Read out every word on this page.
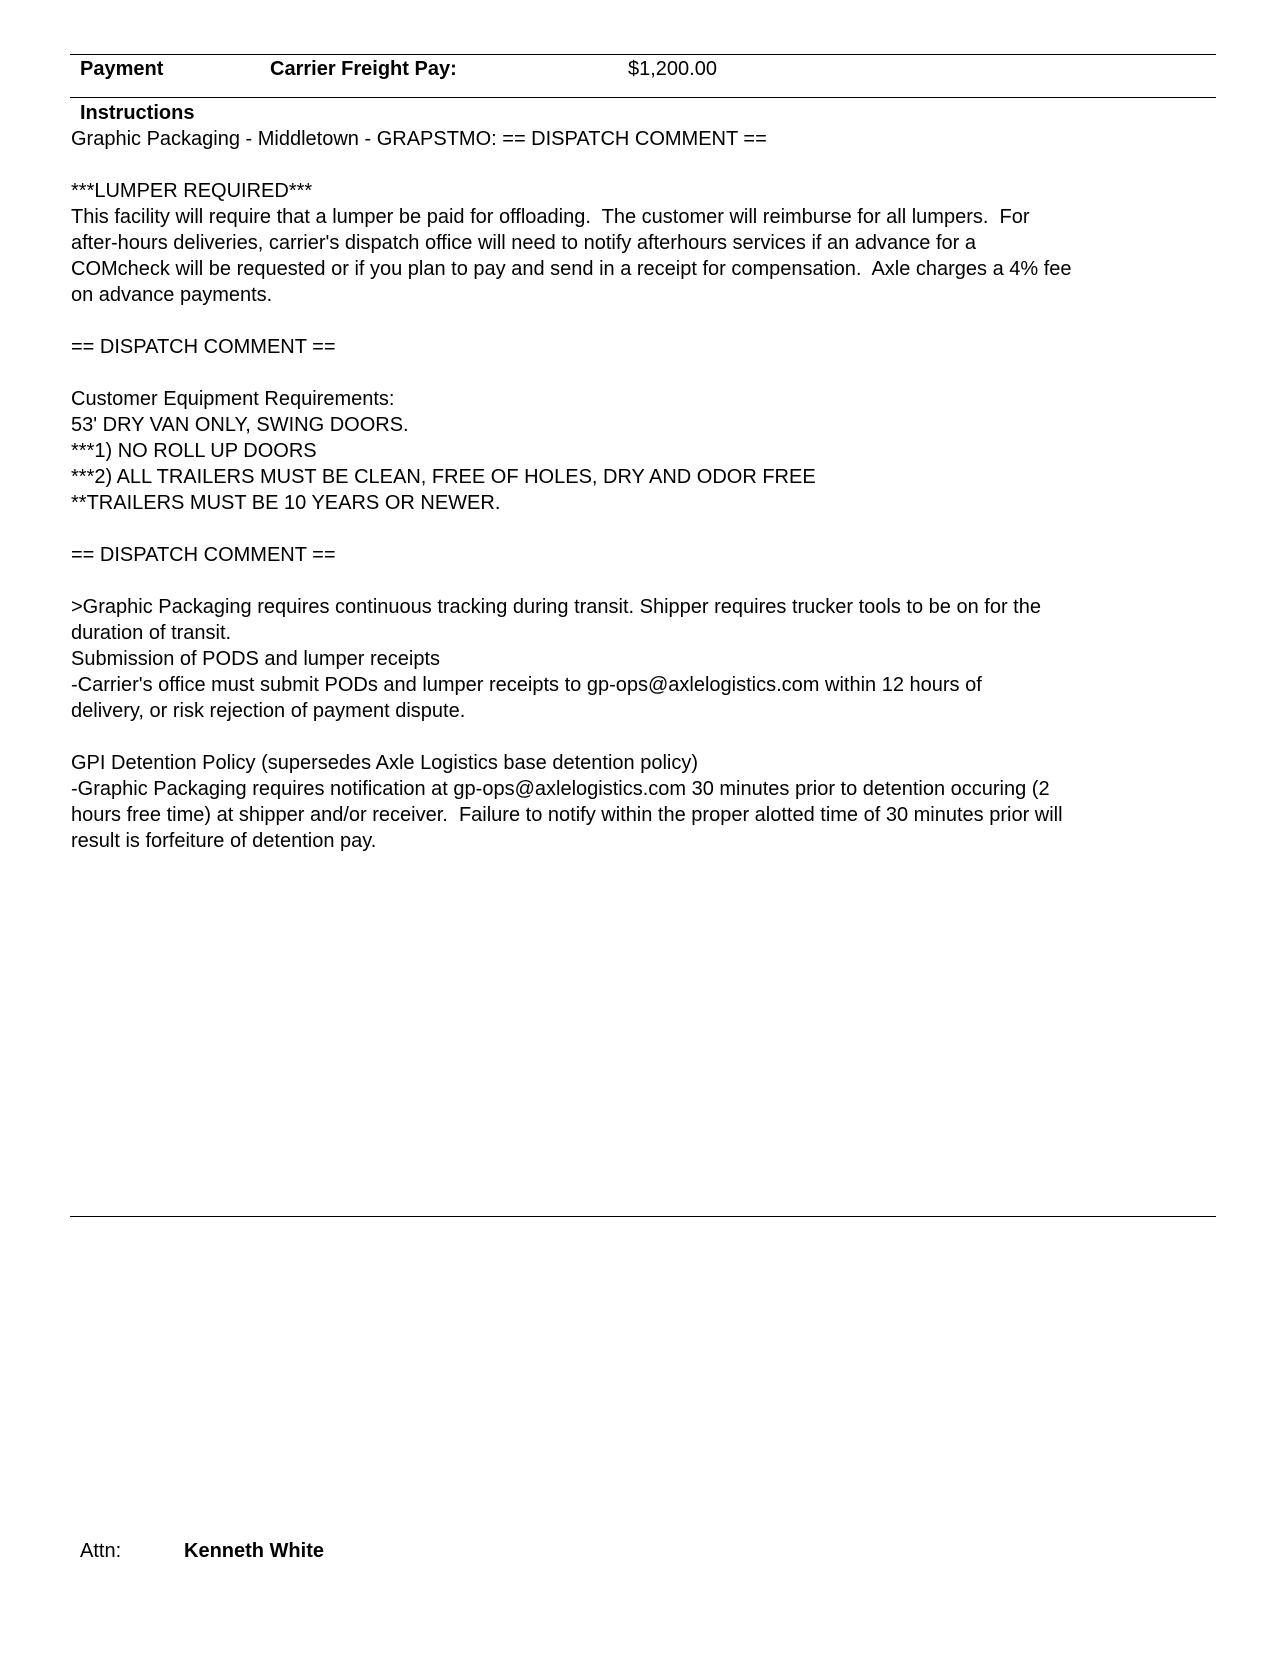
Payment	Carrier Freight Pay:	$1,200.00
Instructions
Graphic Packaging - Middletown - GRAPSTMO: == DISPATCH COMMENT ==
***LUMPER REQUIRED***
This facility will require that a lumper be paid for offloading.  The customer will reimburse for all lumpers.  For
after-hours deliveries, carrier's dispatch office will need to notify afterhours services if an advance for a
COMcheck will be requested or if you plan to pay and send in a receipt for compensation.  Axle charges a 4% fee
on advance payments.
== DISPATCH COMMENT ==
Customer Equipment Requirements:
53' DRY VAN ONLY, SWING DOORS.
***1) NO ROLL UP DOORS
***2) ALL TRAILERS MUST BE CLEAN, FREE OF HOLES, DRY AND ODOR FREE
**TRAILERS MUST BE 10 YEARS OR NEWER.
== DISPATCH COMMENT ==
>Graphic Packaging requires continuous tracking during transit. Shipper requires trucker tools to be on for the
duration of transit.
Submission of PODS and lumper receipts
-Carrier's office must submit PODs and lumper receipts to gp-ops@axlelogistics.com within 12 hours of
delivery, or risk rejection of payment dispute.
GPI Detention Policy (supersedes Axle Logistics base detention policy)
-Graphic Packaging requires notification at gp-ops@axlelogistics.com 30 minutes prior to detention occuring (2
hours free time) at shipper and/or receiver.  Failure to notify within the proper alotted time of 30 minutes prior will
result is forfeiture of detention pay.
Attn:	Kenneth White
